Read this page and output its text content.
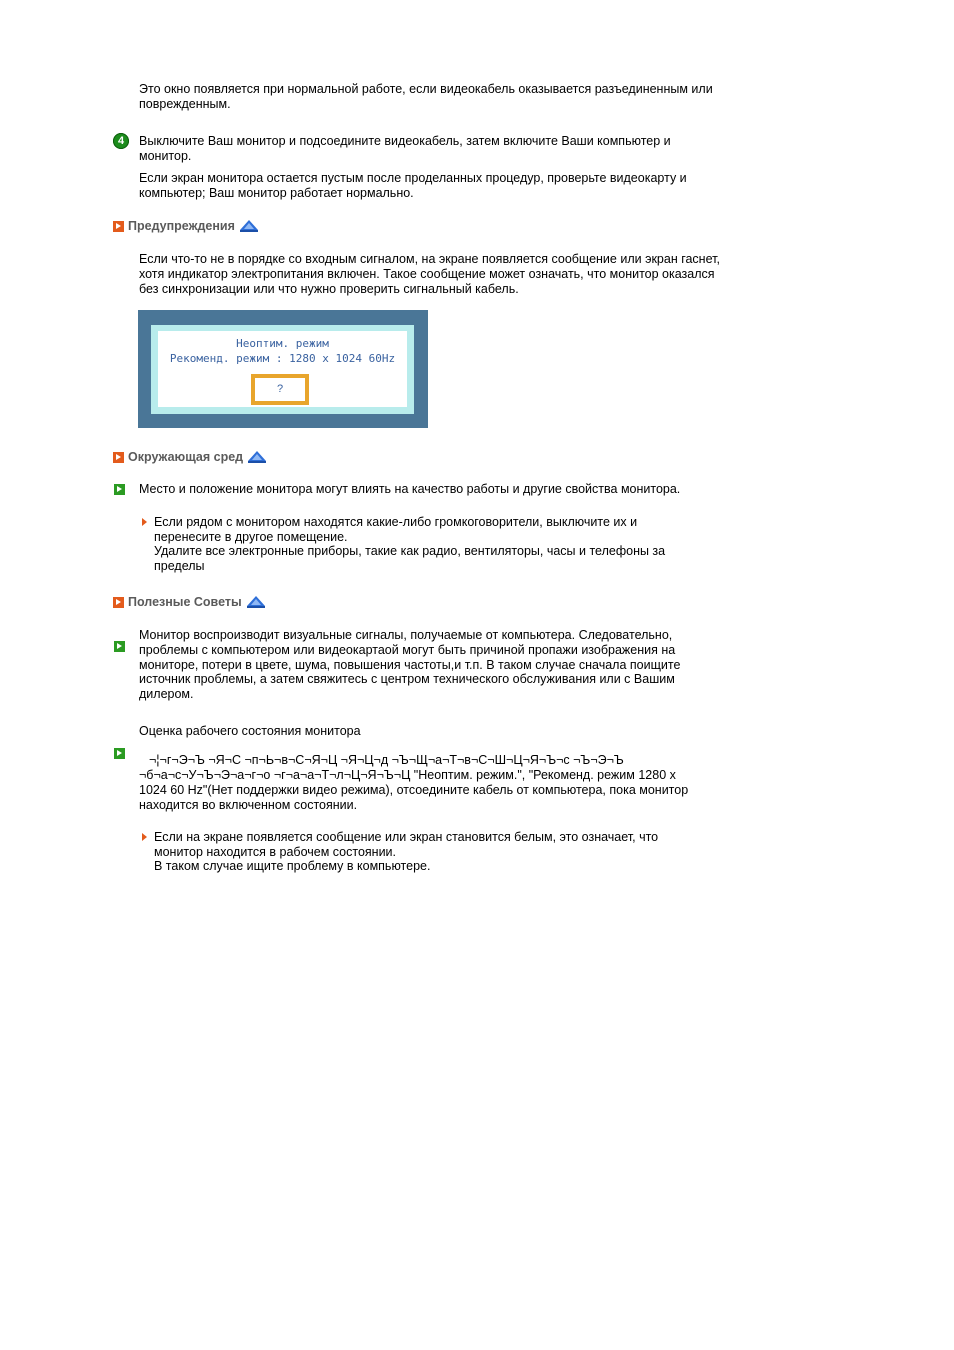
Это окно появляется при нормальной работе, если видеокабель оказывается разъединенным или поврежденным.

4	Выключите Ваш монитор и подсоедините видеокабель, затем включите Ваши компьютер и монитор.

Если экран монитора остается пустым после проделанных процедур, проверьте видеокарту и компьютер; Ваш монитор работает нормально.

Предупреждения

Если что-то не в порядке со входным сигналом, на экране появляется сообщение или экран гаснет, хотя индикатор электропитания включен. Такое сообщение может означать, что монитор оказался без синхронизации или что нужно проверить сигнальный кабель.

Неоптим. режим
Рекоменд. режим : 1280 x 1024 60Hz
?
Окружающая сред

Место и положение монитора могут влиять на качество работы и другие свойства монитора.

Если рядом с монитором находятся какие-либо громкоговорители, выключите их и перенесите в другое помещение.

Удалите все электронные приборы, такие как радио, вентиляторы, часы и телефоны за пределы

Полезные Советы

Монитор воспроизводит визуальные сигналы, получаемые от компьютера. Следовательно, проблемы с компьютером или видеокартаой могут быть причиной пропажи изображения на мониторе, потери в цвете, шума, повышения частоты,и т.п. В таком случае сначала поищите источник проблемы, а затем свяжитесь с центром технического обслуживания или с Вашим дилером.

Оценка рабочего состояния монитора

¬¦¬г¬Э¬Ъ ¬Я¬С ¬п¬Ь¬в¬С¬Я¬Ц ¬Я¬Ц¬д ¬Ъ¬Щ¬а¬Т¬в¬С¬Ш¬Ц¬Я¬Ъ¬с ¬Ъ¬Э¬Ъ

¬б¬а¬с¬У¬Ъ¬Э¬а¬г¬о ¬г¬а¬а¬Т¬л¬Ц¬Я¬Ъ¬Ц "Неоптим. режим.", "Рекоменд. режим 1280 x

1024 60 Hz"(Нет поддержки видео режима), отсоедините кабель от компьютера, пока монитор

находится во включенном состоянии.

Если на экране появляется сообщение или экран становится белым, это означает, что монитор находится в рабочем состоянии.

В таком случае ищите проблему в компьютере.
